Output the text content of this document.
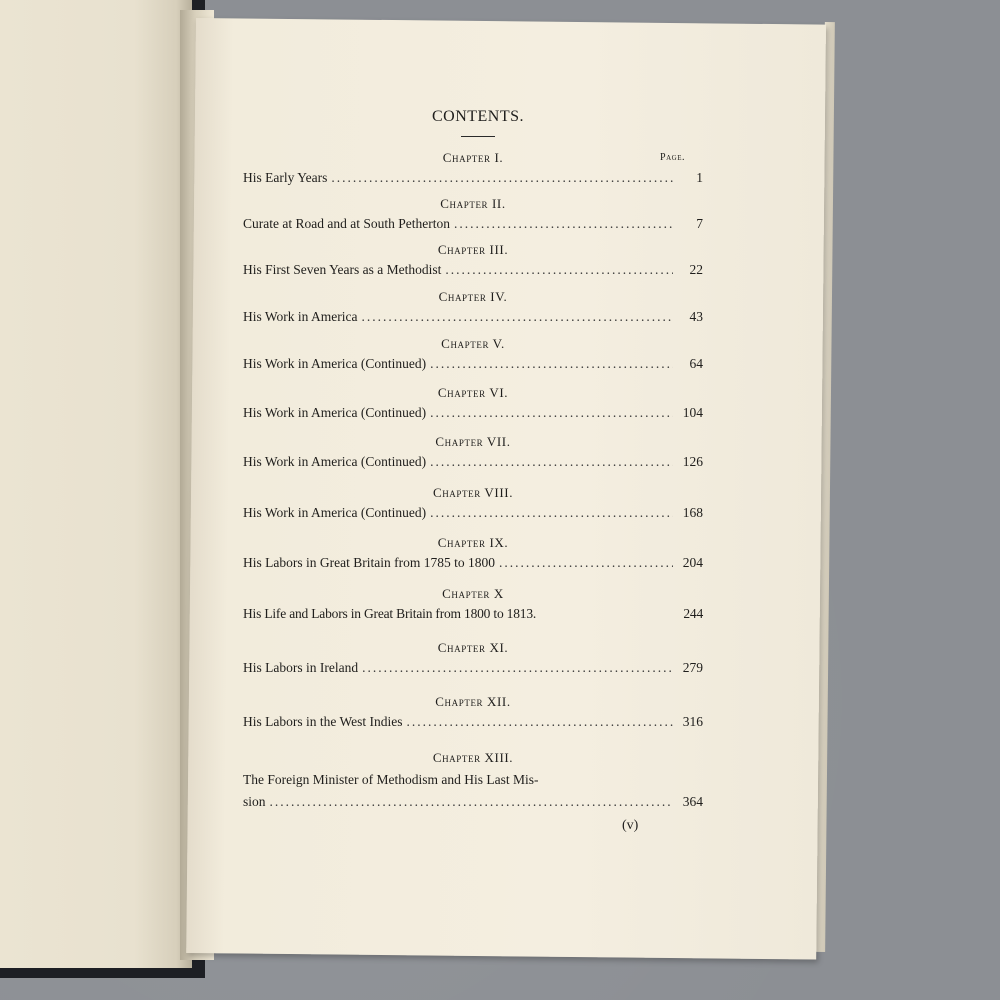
CONTENTS.
Page.
Chapter I.
His Early Years .....	1
Chapter II.
Curate at Road and at South Petherton .....	7
Chapter III.
His First Seven Years as a Methodist .....	22
Chapter IV.
His Work in America .....	43
Chapter V.
His Work in America (Continued) .....	64
Chapter VI.
His Work in America (Continued) .....	104
Chapter VII.
His Work in America (Continued) .....	126
Chapter VIII.
His Work in America (Continued) .....	168
Chapter IX.
His Labors in Great Britain from 1785 to 1800 .....	204
Chapter X
His Life and Labors in Great Britain from 1800 to 1813.	244
Chapter XI.
His Labors in Ireland .....	279
Chapter XII.
His Labors in the West Indies .....	316
Chapter XIII.
The Foreign Minister of Methodism and His Last Mis-
sion .....	364
(v)
